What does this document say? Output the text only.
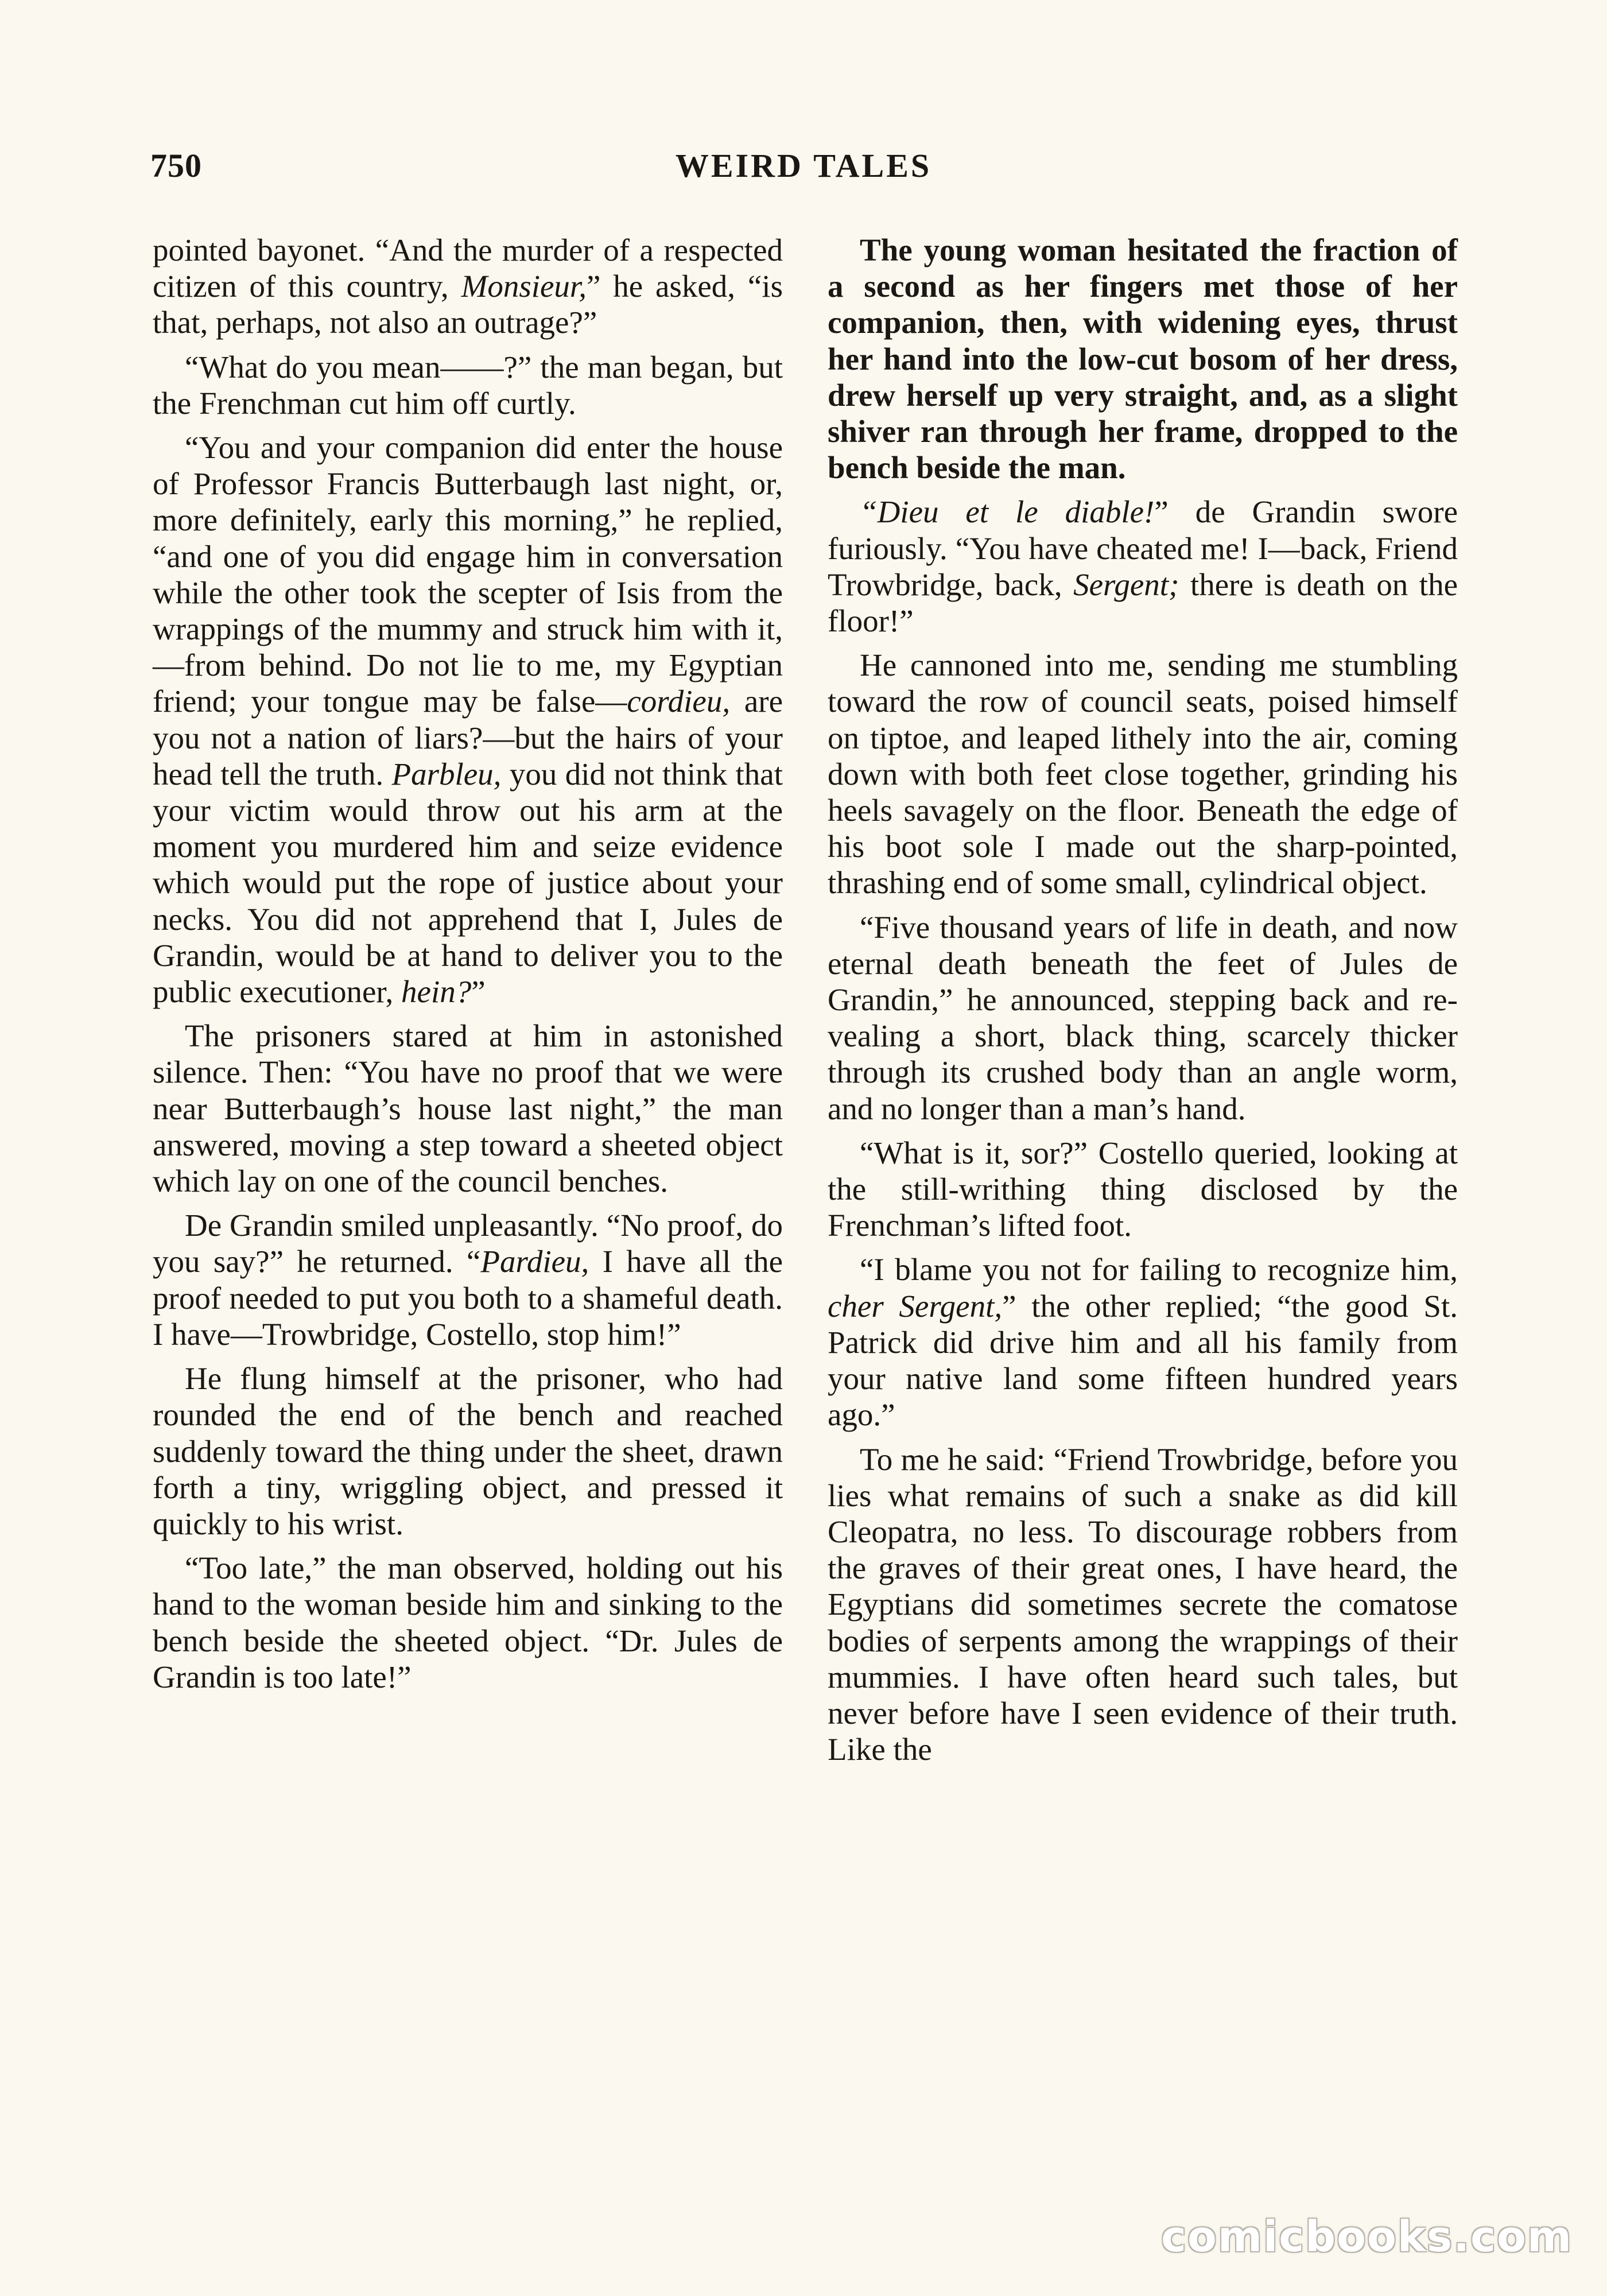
750	WEIRD TALES

pointed bayonet. “And the murder of a respected citizen of this country, Monsieur,” he asked, “is that, perhaps, not also an outrage?”

“What do you mean——?” the man began, but the Frenchman cut him off curtly.

“You and your companion did enter the house of Professor Francis Butterbaugh last night, or, more definitely, early this morning,” he replied, “and one of you did engage him in conversation while the other took the scepter of Isis from the wrappings of the mummy and struck him with it, —from behind. Do not lie to me, my Egyptian friend; your tongue may be false—cordieu, are you not a nation of liars?—but the hairs of your head tell the truth. Parbleu, you did not think that your victim would throw out his arm at the moment you murdered him and seize evidence which would put the rope of justice about your necks. You did not apprehend that I, Jules de Grandin, would be at hand to deliver you to the public executioner, hein?”

The prisoners stared at him in astonished silence. Then: “You have no proof that we were near Butterbaugh’s house last night,” the man answered, moving a step toward a sheeted object which lay on one of the council benches.

De Grandin smiled unpleasantly. “No proof, do you say?” he returned. “Pardieu, I have all the proof needed to put you both to a shameful death. I have—Trowbridge, Costello, stop him!”

He flung himself at the prisoner, who had rounded the end of the bench and reached suddenly toward the thing under the sheet, drawn forth a tiny, wriggling object, and pressed it quickly to his wrist.

“Too late,” the man observed, holding out his hand to the woman beside him and sinking to the bench beside the sheeted object. “Dr. Jules de Grandin is too late!”

The young woman hesitated the fraction of a second as her fingers met those of her companion, then, with widening eyes, thrust her hand into the low-cut bosom of her dress, drew herself up very straight, and, as a slight shiver ran through her frame, dropped to the bench beside the man.

“Dieu et le diable!” de Grandin swore furiously. “You have cheated me! I—back, Friend Trowbridge, back, Sergent; there is death on the floor!”

He cannoned into me, sending me stumbling toward the row of council seats, poised himself on tiptoe, and leaped lithely into the air, coming down with both feet close together, grinding his heels savagely on the floor. Beneath the edge of his boot sole I made out the sharp-pointed, thrashing end of some small, cylindrical object.

“Five thousand years of life in death, and now eternal death beneath the feet of Jules de Grandin,” he announced, stepping back and revealing a short, black thing, scarcely thicker through its crushed body than an angle worm, and no longer than a man’s hand.

“What is it, sor?” Costello queried, looking at the still-writhing thing disclosed by the Frenchman’s lifted foot.

“I blame you not for failing to recognize him, cher Sergent,” the other replied; “the good St. Patrick did drive him and all his family from your native land some fifteen hundred years ago.”

To me he said: “Friend Trowbridge, before you lies what remains of such a snake as did kill Cleopatra, no less. To discourage robbers from the graves of their great ones, I have heard, the Egyptians did sometimes secrete the comatose bodies of serpents among the wrappings of their mummies. I have often heard such tales, but never before have I seen evidence of their truth. Like the

comicbooks.com
